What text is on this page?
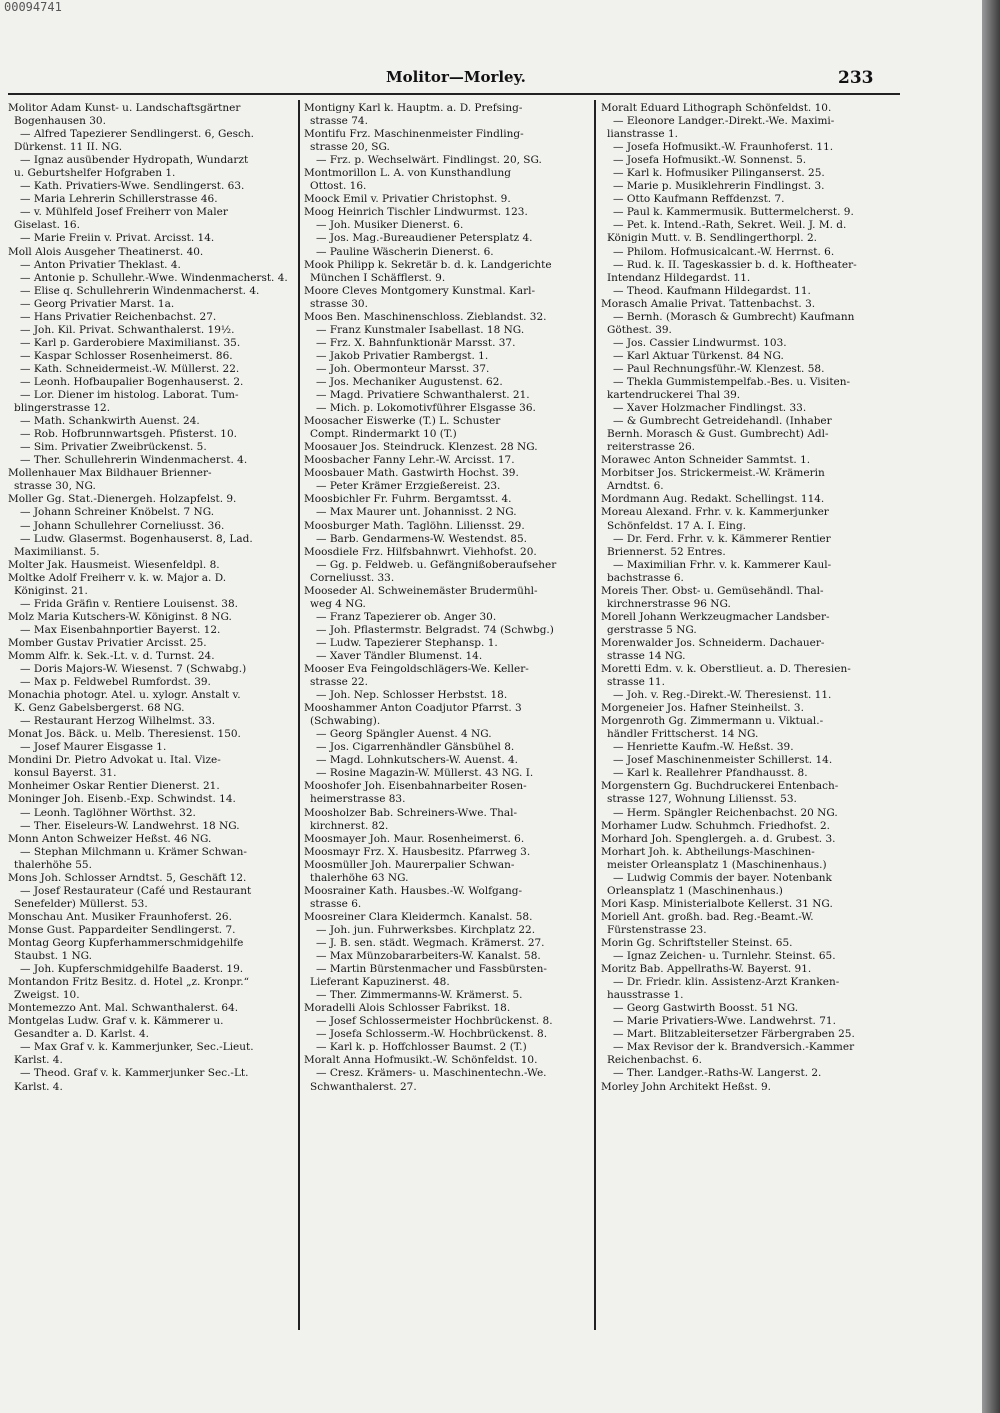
00094741
Molitor—Morley.	233
Molitor Adam Kunst- u. Landschaftsgärtner
Bogenhausen 30.
— Alfred Tapezierer Sendlingerst. 6, Gesch.
Dürkenst. 11 II. NG.
— Ignaz ausübender Hydropath, Wundarzt
u. Geburtshelfer Hofgraben 1.
— Kath. Privatiers-Wwe. Sendlingerst. 63.
— Maria Lehrerin Schillerstrasse 46.
— v. Mühlfeld Josef Freiherr von Maler
Giselast. 16.
— Marie Freiin v. Privat. Arcisst. 14.
Moll Alois Ausgeher Theatinerst. 40.
— Anton Privatier Theklast. 4.
— Antonie p. Schullehr.-Wwe. Windenmacherst. 4.
— Elise q. Schullehrerin Windenmacherst. 4.
— Georg Privatier Marst. 1a.
— Hans Privatier Reichenbachst. 27.
— Joh. Kil. Privat. Schwanthalerst. 19½.
— Karl p. Garderobiere Maximilianst. 35.
— Kaspar Schlosser Rosenheimerst. 86.
— Kath. Schneidermeist.-W. Müllerst. 22.
— Leonh. Hofbaupalier Bogenhauserst. 2.
— Lor. Diener im histolog. Laborat. Tum-
blingerstrasse 12.
— Math. Schankwirth Auenst. 24.
— Rob. Hofbrunnwartsgeh. Pfisterst. 10.
— Sim. Privatier Zweibrückenst. 5.
— Ther. Schullehrerin Windenmacherst. 4.
Mollenhauer Max Bildhauer Brienner-
strasse 30, NG.
Moller Gg. Stat.-Dienergeh. Holzapfelst. 9.
— Johann Schreiner Knöbelst. 7 NG.
— Johann Schullehrer Corneliusst. 36.
— Ludw. Glasermst. Bogenhauserst. 8, Lad.
Maximilianst. 5.
Molter Jak. Hausmeist. Wiesenfeldpl. 8.
Moltke Adolf Freiherr v. k. w. Major a. D.
Königinst. 21.
— Frida Gräfin v. Rentiere Louisenst. 38.
Molz Maria Kutschers-W. Königinst. 8 NG.
— Max Eisenbahnportier Bayerst. 12.
Momber Gustav Privatier Arcisst. 25.
Momm Alfr. k. Sek.-Lt. v. d. Turnst. 24.
— Doris Majors-W. Wiesenst. 7 (Schwabg.)
— Max p. Feldwebel Rumfordst. 39.
Monachia photogr. Atel. u. xylogr. Anstalt v.
K. Genz Gabelsbergerst. 68 NG.
— Restaurant Herzog Wilhelmst. 33.
Monat Jos. Bäck. u. Melb. Theresienst. 150.
— Josef Maurer Eisgasse 1.
Mondini Dr. Pietro Advokat u. Ital. Vize-
konsul Bayerst. 31.
Monheimer Oskar Rentier Dienerst. 21.
Moninger Joh. Eisenb.-Exp. Schwindst. 14.
— Leonh. Taglöhner Wörthst. 32.
— Ther. Eiseleurs-W. Landwehrst. 18 NG.
Monn Anton Schweizer Heßst. 46 NG.
— Stephan Milchmann u. Krämer Schwan-
thalerhöhe 55.
Mons Joh. Schlosser Arndtst. 5, Geschäft 12.
— Josef Restaurateur (Café und Restaurant
Senefelder) Müllerst. 53.
Monschau Ant. Musiker Fraunhoferst. 26.
Monse Gust. Pappardeiter Sendlingerst. 7.
Montag Georg Kupferhammerschmidgehilfe
Staubst. 1 NG.
— Joh. Kupferschmidgehilfe Baaderst. 19.
Montandon Fritz Besitz. d. Hotel „z. Kronpr.“
Zweigst. 10.
Montemezzo Ant. Mal. Schwanthalerst. 64.
Montgelas Ludw. Graf v. k. Kämmerer u.
Gesandter a. D. Karlst. 4.
— Max Graf v. k. Kammerjunker, Sec.-Lieut.
Karlst. 4.
— Theod. Graf v. k. Kammerjunker Sec.-Lt.
Karlst. 4.
Montigny Karl k. Hauptm. a. D. Prefsing-
strasse 74.
Montifu Frz. Maschinenmeister Findling-
strasse 20, SG.
— Frz. p. Wechselwärt. Findlingst. 20, SG.
Montmorillon L. A. von Kunsthandlung
Ottost. 16.
Moock Emil v. Privatier Christophst. 9.
Moog Heinrich Tischler Lindwurmst. 123.
— Joh. Musiker Dienerst. 6.
— Jos. Mag.-Bureaudiener Petersplatz 4.
— Pauline Wäscherin Dienerst. 6.
Mook Philipp k. Sekretär b. d. k. Landgerichte
München I Schäfflerst. 9.
Moore Cleves Montgomery Kunstmal. Karl-
strasse 30.
Moos Ben. Maschinenschloss. Zieblandst. 32.
— Franz Kunstmaler Isabellast. 18 NG.
— Frz. X. Bahnfunktionär Marsst. 37.
— Jakob Privatier Rambergst. 1.
— Joh. Obermonteur Marsst. 37.
— Jos. Mechaniker Augustenst. 62.
— Magd. Privatiere Schwanthalerst. 21.
— Mich. p. Lokomotivführer Elsgasse 36.
Moosacher Eiswerke (T.) L. Schuster
Compt. Rindermarkt 10 (T.)
Moosauer Jos. Steindruck. Klenzest. 28 NG.
Moosbacher Fanny Lehr.-W. Arcisst. 17.
Moosbauer Math. Gastwirth Hochst. 39.
— Peter Krämer Erzgießereist. 23.
Moosbichler Fr. Fuhrm. Bergamtsst. 4.
— Max Maurer unt. Johannisst. 2 NG.
Moosburger Math. Taglöhn. Liliensst. 29.
— Barb. Gendarmens-W. Westendst. 85.
Moosdiele Frz. Hilfsbahnwrt. Viehhofst. 20.
— Gg. p. Feldweb. u. Gefängnißoberaufseher
Corneliusst. 33.
Mooseder Al. Schweinemäster Brudermühl-
weg 4 NG.
— Franz Tapezierer ob. Anger 30.
— Joh. Pflastermstr. Belgradst. 74 (Schwbg.)
— Ludw. Tapezierer Stephansp. 1.
— Xaver Tändler Blumenst. 14.
Mooser Eva Feingoldschlägers-We. Keller-
strasse 22.
— Joh. Nep. Schlosser Herbstst. 18.
Mooshammer Anton Coadjutor Pfarrst. 3
(Schwabing).
— Georg Spängler Auenst. 4 NG.
— Jos. Cigarrenhändler Gänsbühel 8.
— Magd. Lohnkutschers-W. Auenst. 4.
— Rosine Magazin-W. Müllerst. 43 NG. I.
Mooshofer Joh. Eisenbahnarbeiter Rosen-
heimerstrasse 83.
Moosholzer Bab. Schreiners-Wwe. Thal-
kirchnerst. 82.
Moosmayer Joh. Maur. Rosenheimerst. 6.
Moosmayr Frz. X. Hausbesitz. Pfarrweg 3.
Moosmüller Joh. Maurerpalier Schwan-
thalerhöhe 63 NG.
Moosrainer Kath. Hausbes.-W. Wolfgang-
strasse 6.
Moosreiner Clara Kleidermch. Kanalst. 58.
— Joh. jun. Fuhrwerksbes. Kirchplatz 22.
— J. B. sen. städt. Wegmach. Krämerst. 27.
— Max Münzobararbeiters-W. Kanalst. 58.
— Martin Bürstenmacher und Fassbürsten-
Lieferant Kapuzinerst. 48.
— Ther. Zimmermanns-W. Krämerst. 5.
Moradelli Alois Schlosser Fabrikst. 18.
— Josef Schlossermeister Hochbrückenst. 8.
— Josefa Schlosserm.-W. Hochbrückenst. 8.
— Karl k. p. Hoffchlosser Baumst. 2 (T.)
Moralt Anna Hofmusikt.-W. Schönfeldst. 10.
— Cresz. Krämers- u. Maschinentechn.-We.
Schwanthalerst. 27.
Moralt Eduard Lithograph Schönfeldst. 10.
— Eleonore Landger.-Direkt.-We. Maximi-
lianstrasse 1.
— Josefa Hofmusikt.-W. Fraunhoferst. 11.
— Josefa Hofmusikt.-W. Sonnenst. 5.
— Karl k. Hofmusiker Pilinganserst. 25.
— Marie p. Musiklehrerin Findlingst. 3.
— Otto Kaufmann Reffdenzst. 7.
— Paul k. Kammermusik. Buttermelcherst. 9.
— Pet. k. Intend.-Rath, Sekret. Weil. J. M. d.
Königin Mutt. v. B. Sendlingerthorpl. 2.
— Philom. Hofmusicalcant.-W. Herrnst. 6.
— Rud. k. II. Tageskassier b. d. k. Hoftheater-
Intendanz Hildegardst. 11.
— Theod. Kaufmann Hildegardst. 11.
Morasch Amalie Privat. Tattenbachst. 3.
— Bernh. (Morasch & Gumbrecht) Kaufmann
Göthest. 39.
— Jos. Cassier Lindwurmst. 103.
— Karl Aktuar Türkenst. 84 NG.
— Paul Rechnungsführ.-W. Klenzest. 58.
— Thekla Gummistempelfab.-Bes. u. Visiten-
kartendruckerei Thal 39.
— Xaver Holzmacher Findlingst. 33.
— & Gumbrecht Getreidehandl. (Inhaber
Bernh. Morasch & Gust. Gumbrecht) Adl-
reiterstrasse 26.
Morawec Anton Schneider Sammtst. 1.
Morbitser Jos. Strickermeist.-W. Krämerin
Arndtst. 6.
Mordmann Aug. Redakt. Schellingst. 114.
Moreau Alexand. Frhr. v. k. Kammerjunker
Schönfeldst. 17 A. I. Eing.
— Dr. Ferd. Frhr. v. k. Kämmerer Rentier
Briennerst. 52 Entres.
— Maximilian Frhr. v. k. Kammerer Kaul-
bachstrasse 6.
Moreis Ther. Obst- u. Gemüsehändl. Thal-
kirchnerstrasse 96 NG.
Morell Johann Werkzeugmacher Landsber-
gerstrasse 5 NG.
Morenwalder Jos. Schneiderm. Dachauer-
strasse 14 NG.
Moretti Edm. v. k. Oberstlieut. a. D. Theresien-
strasse 11.
— Joh. v. Reg.-Direkt.-W. Theresienst. 11.
Morgeneier Jos. Hafner Steinheilst. 3.
Morgenroth Gg. Zimmermann u. Viktual.-
händler Frittscherst. 14 NG.
— Henriette Kaufm.-W. Heßst. 39.
— Josef Maschinenmeister Schillerst. 14.
— Karl k. Reallehrer Pfandhausst. 8.
Morgenstern Gg. Buchdruckerei Entenbach-
strasse 127, Wohnung Liliensst. 53.
— Herm. Spängler Reichenbachst. 20 NG.
Morhamer Ludw. Schuhmch. Friedhofst. 2.
Morhard Joh. Spenglergeh. a. d. Grubest. 3.
Morhart Joh. k. Abtheilungs-Maschinen-
meister Orleansplatz 1 (Maschinenhaus.)
— Ludwig Commis der bayer. Notenbank
Orleansplatz 1 (Maschinenhaus.)
Mori Kasp. Ministerialbote Kellerst. 31 NG.
Moriell Ant. großh. bad. Reg.-Beamt.-W.
Fürstenstrasse 23.
Morin Gg. Schriftsteller Steinst. 65.
— Ignaz Zeichen- u. Turnlehr. Steinst. 65.
Moritz Bab. Appellraths-W. Bayerst. 91.
— Dr. Friedr. klin. Assistenz-Arzt Kranken-
hausstrasse 1.
— Georg Gastwirth Boosst. 51 NG.
— Marie Privatiers-Wwe. Landwehrst. 71.
— Mart. Blitzableitersetzer Färbergraben 25.
— Max Revisor der k. Brandversich.-Kammer
Reichenbachst. 6.
— Ther. Landger.-Raths-W. Langerst. 2.
Morley John Architekt Heßst. 9.
